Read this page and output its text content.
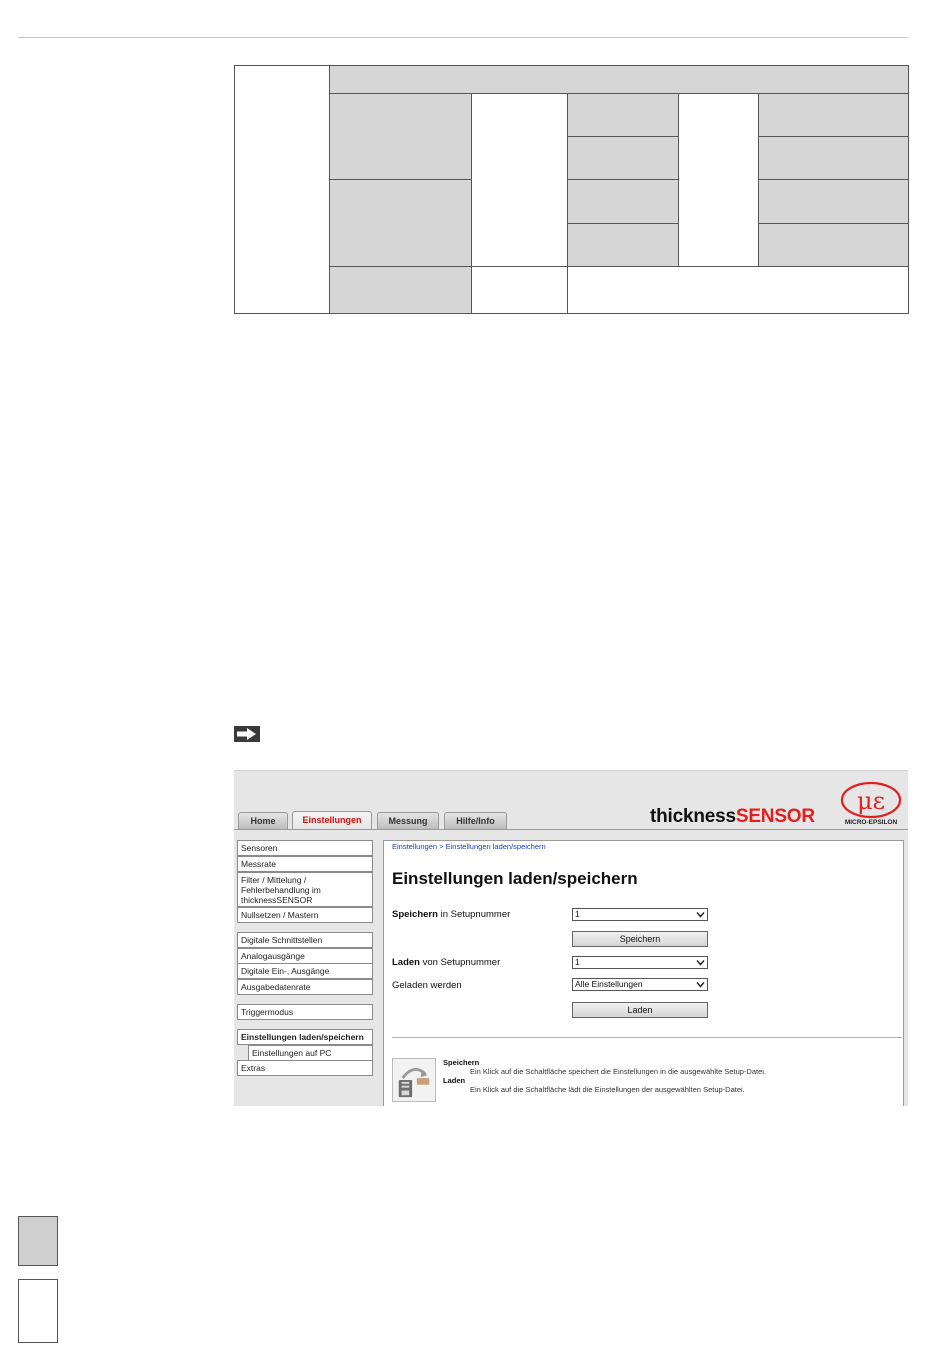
Home	Einstellungen	Messung	Hilfe/Info	thicknessSENSOR
με
MICRO-EPSILON
Sensoren
Messrate
Filter / Mittelung / Fehlerbehandlung im thicknessSENSOR
Nullsetzen / Mastern
Digitale Schnittstellen
Analogausgänge
Digitale Ein-, Ausgänge
Ausgabedatenrate
Triggermodus
Einstellungen laden/speichern
Einstellungen auf PC
Extras
Einstellungen > Einstellungen laden/speichern
Einstellungen laden/speichern
Speichern in Setupnummer	1
Speichern
Laden von Setupnummer	1
Geladen werden	Alle Einstellungen
Laden
Speichern
Ein Klick auf die Schaltfläche speichert die Einstellungen in die ausgewählte Setup-Datei.
Laden
Ein Klick auf die Schaltfläche lädt die Einstellungen der ausgewählten Setup-Datei.
